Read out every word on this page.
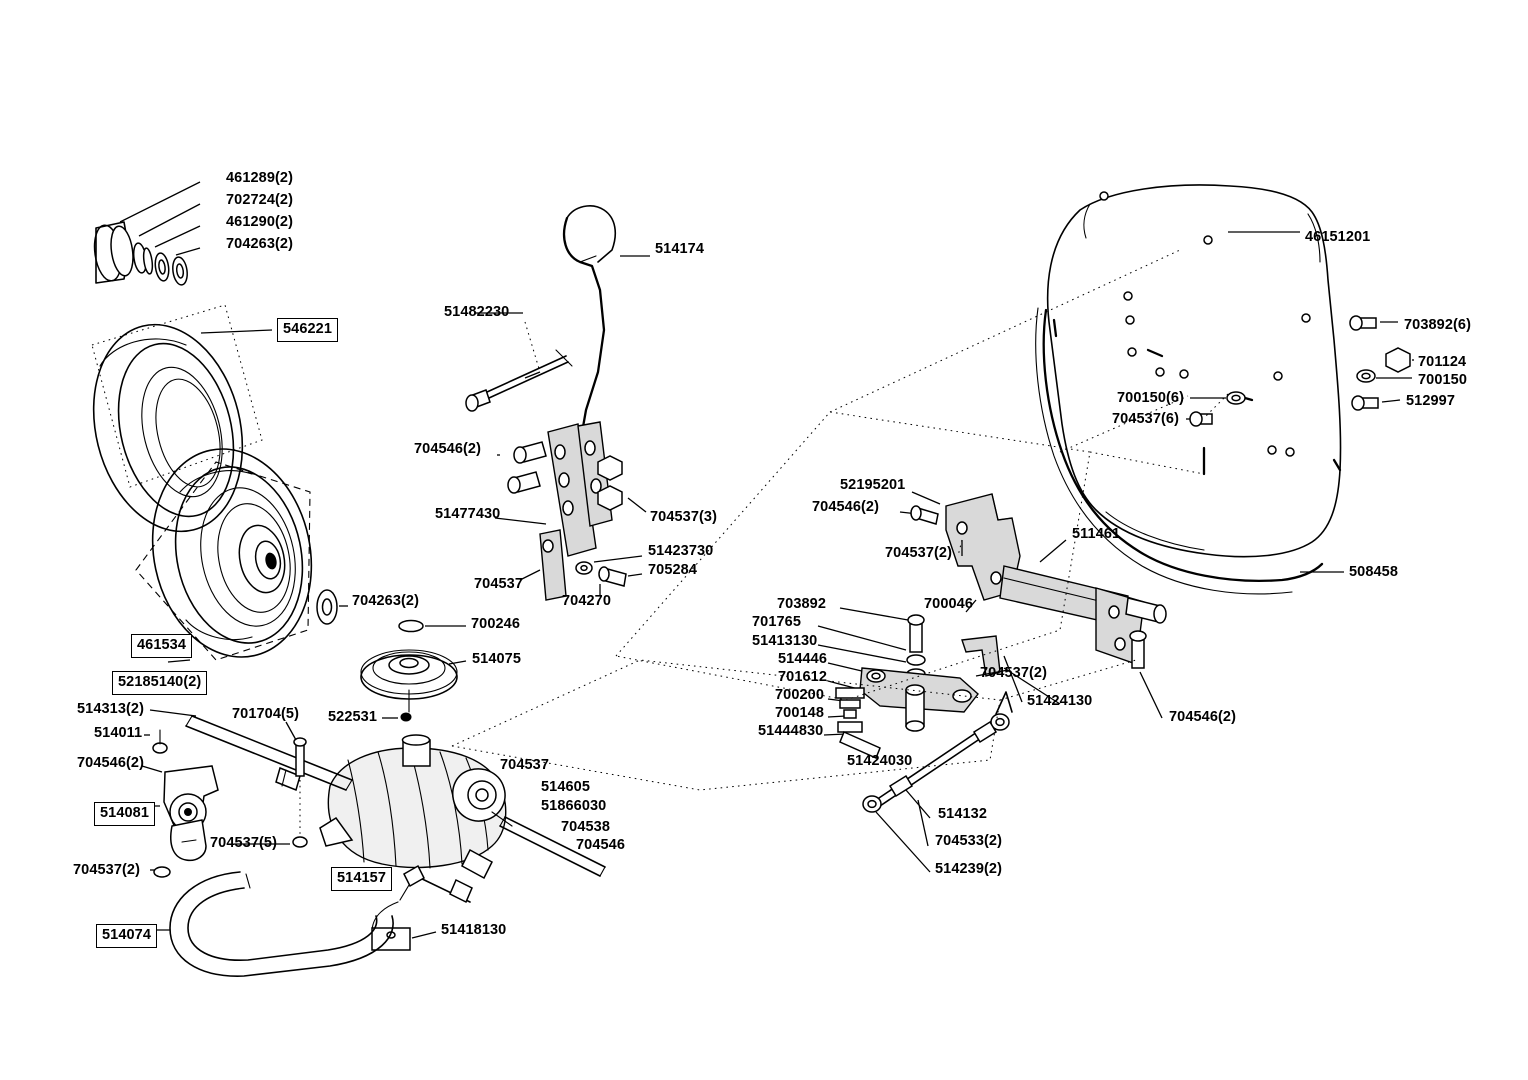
461289(2)
702724(2)
461290(2)
704263(2)
546221
704263(2)
700246
461534
52185140(2)
514075
522531
514313(2)	701704(5)
514011
704546(2)
514081
704537(5)
704537(2)	514157
514074	51418130
704537
514605
51866030
704538
704546
514174
51482230
704546(2)
51477430	704537(3)
51423730
705284
704537
704270
52195201
704546(2)
704537(2)
511461
703892	700046
701765
51413130
514446
701612
700200
700148
51444830
704537(2)
51424130
51424030
704546(2)
514132
704533(2)
514239(2)
46151201
703892(6)
701124
700150
512997
700150(6)
704537(6)
508458
